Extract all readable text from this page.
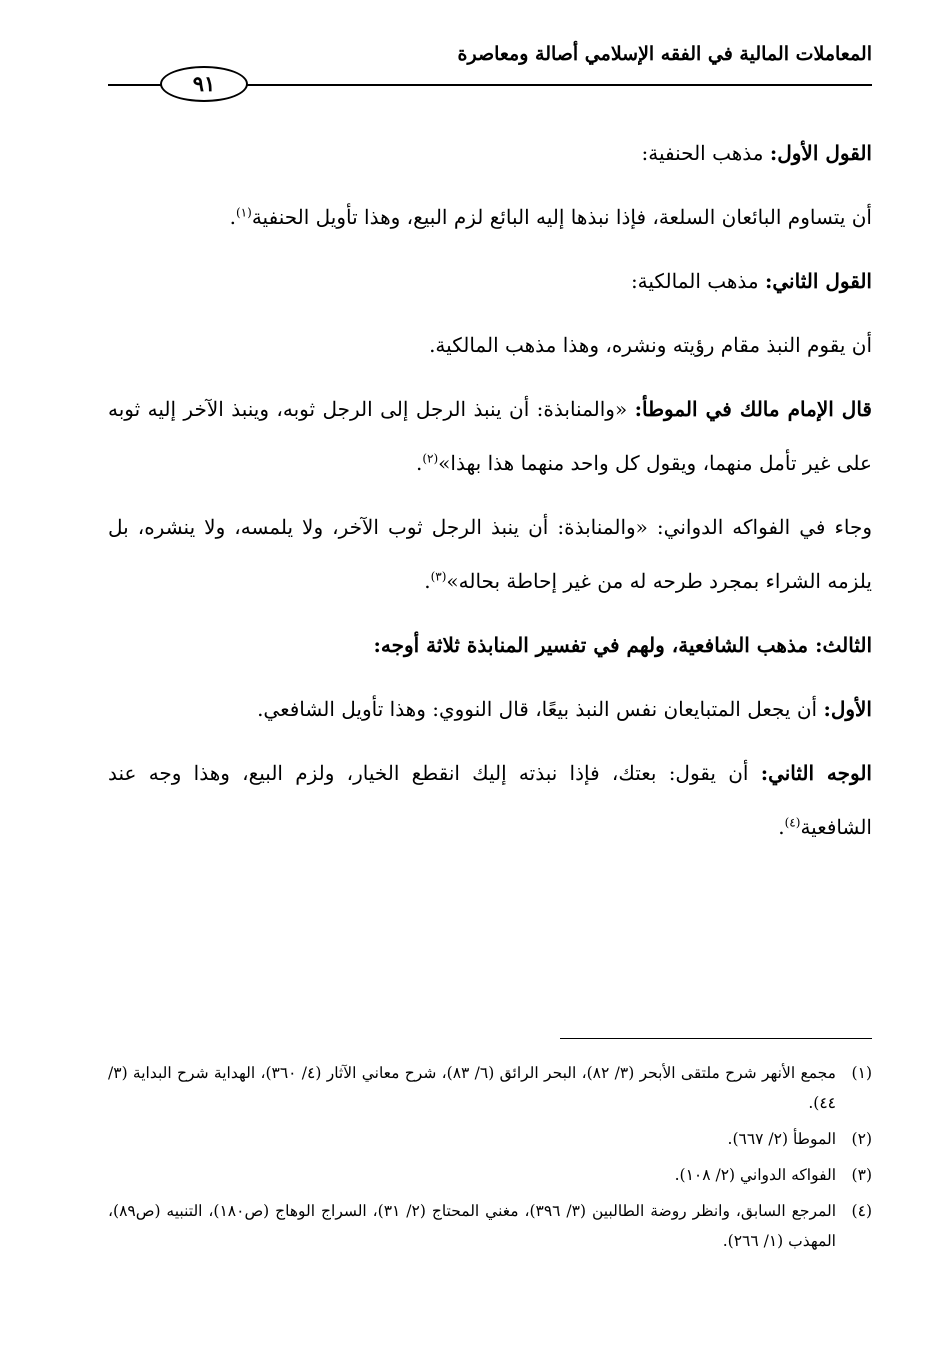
المعاملات المالية في الفقه الإسلامي أصالة ومعاصرة
٩١

القول الأول: مذهب الحنفية:

أن يتساوم البائعان السلعة، فإذا نبذها إليه البائع لزم البيع، وهذا تأويل الحنفية$^{(١)}$.

القول الثاني: مذهب المالكية:

أن يقوم النبذ مقام رؤيته ونشره، وهذا مذهب المالكية.

قال الإمام مالك في الموطأ: «والمنابذة: أن ينبذ الرجل إلى الرجل ثوبه، وينبذ الآخر إليه ثوبه على غير تأمل منهما، ويقول كل واحد منهما هذا بهذا»$^{(٢)}$.

وجاء في الفواكه الدواني: «والمنابذة: أن ينبذ الرجل ثوب الآخر، ولا يلمسه، ولا ينشره، بل يلزمه الشراء بمجرد طرحه له من غير إحاطة بحاله»$^{(٣)}$.

الثالث: مذهب الشافعية، ولهم في تفسير المنابذة ثلاثة أوجه:

الأول: أن يجعل المتبايعان نفس النبذ بيعًا، قال النووي: وهذا تأويل الشافعي.

الوجه الثاني: أن يقول: بعتك، فإذا نبذته إليك انقطع الخيار، ولزم البيع، وهذا وجه عند الشافعية$^{(٤)}$.

(١)
مجمع الأنهر شرح ملتقى الأبحر (٣/ ٨٢)، البحر الرائق (٦/ ٨٣)، شرح معاني الآثار (٤/ ٣٦٠)، الهداية شرح البداية (٣/ ٤٤).
(٢)
الموطأ (٢/ ٦٦٧).
(٣)
الفواكه الدواني (٢/ ١٠٨).
(٤)
المرجع السابق، وانظر روضة الطالبين (٣/ ٣٩٦)، مغني المحتاج (٢/ ٣١)، السراج الوهاج (ص١٨٠)، التنبيه (ص٨٩)، المهذب (١/ ٢٦٦).
